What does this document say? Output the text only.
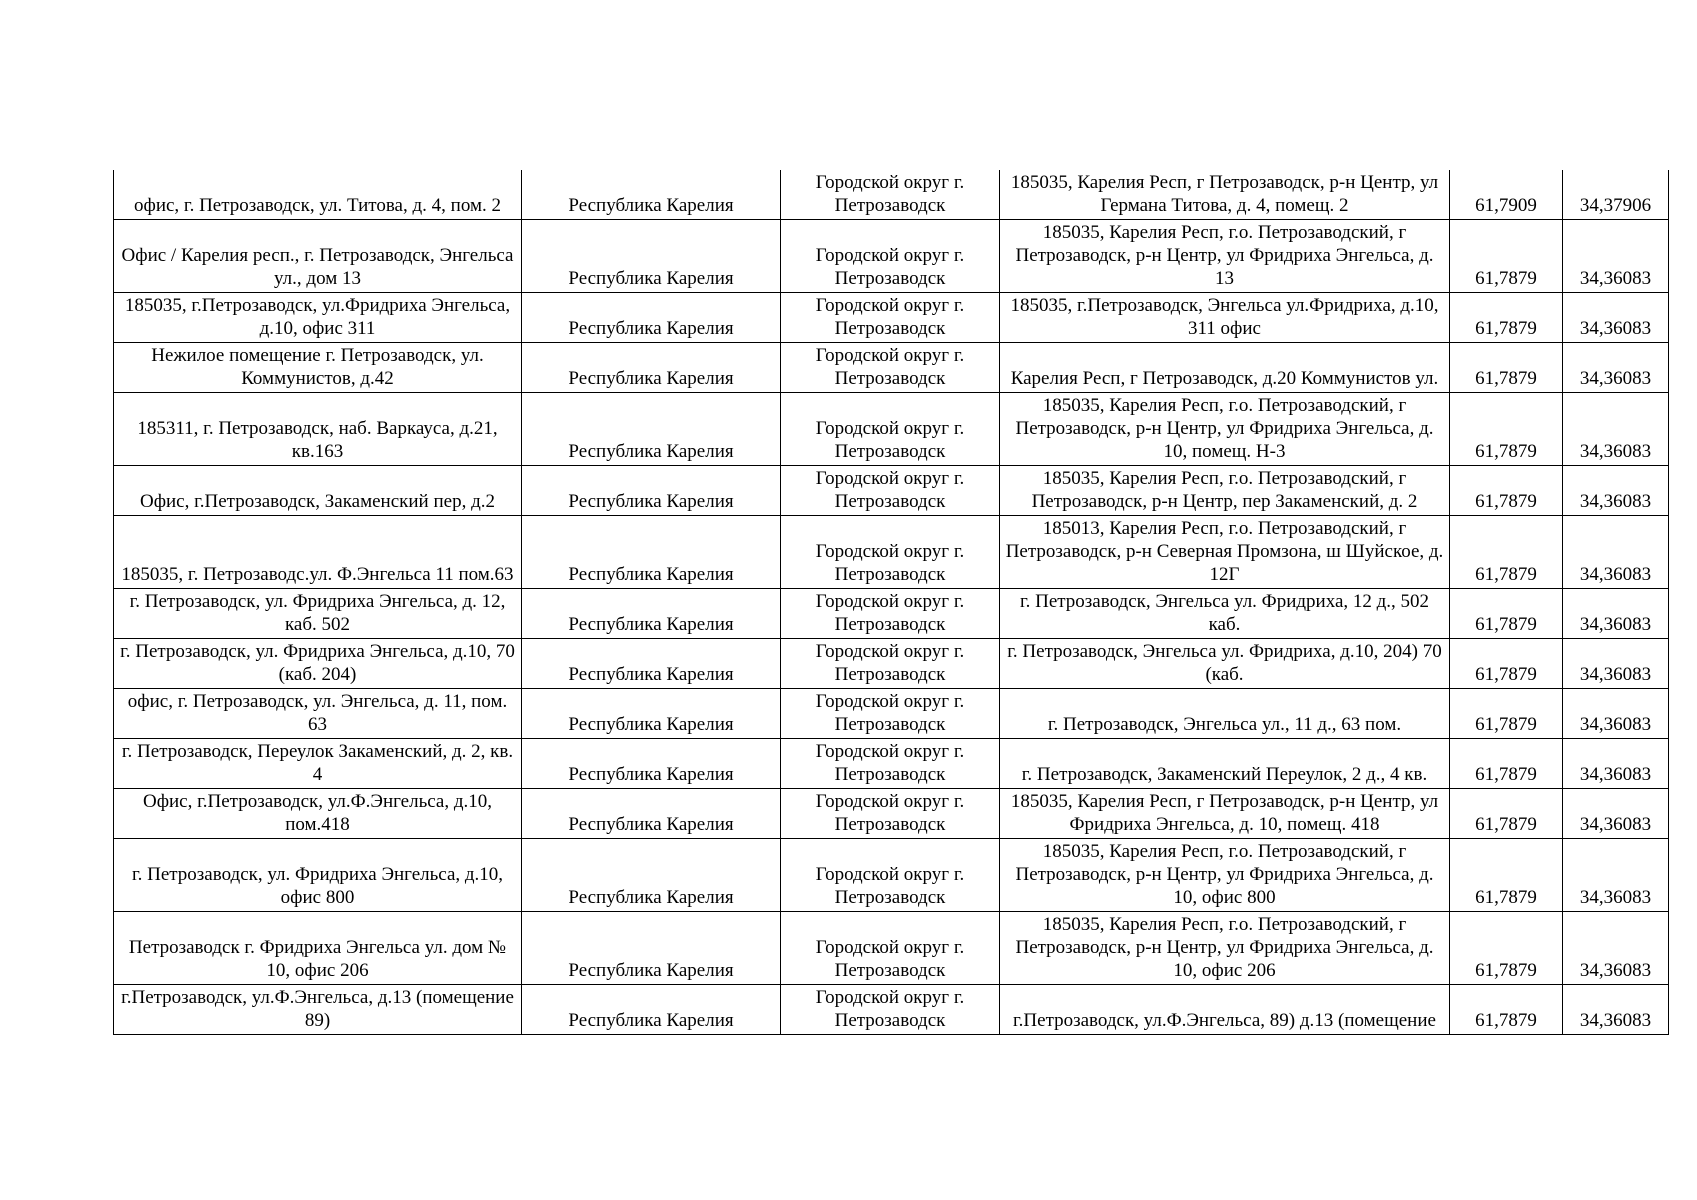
офис, г. Петрозаводск, ул. Титова, д. 4, пом. 2	Республика Карелия	Городской округ г. Петрозаводск	185035, Карелия Респ, г Петрозаводск, р-н Центр, ул Германа Титова, д. 4, помещ. 2	61,7909	34,37906
Офис / Карелия респ., г. Петрозаводск, Энгельса ул., дом 13	Республика Карелия	Городской округ г. Петрозаводск	185035, Карелия Респ, г.о. Петрозаводский, г Петрозаводск, р-н Центр, ул Фридриха Энгельса, д. 13	61,7879	34,36083
185035, г.Петрозаводск, ул.Фридриха Энгельса, д.10, офис 311	Республика Карелия	Городской округ г. Петрозаводск	185035, г.Петрозаводск, Энгельса ул.Фридриха, д.10, 311 офис	61,7879	34,36083
Нежилое помещение г. Петрозаводск, ул. Коммунистов, д.42	Республика Карелия	Городской округ г. Петрозаводск	Карелия Респ, г Петрозаводск, д.20 Коммунистов ул.	61,7879	34,36083
185311, г. Петрозаводск, наб. Варкауса, д.21, кв.163	Республика Карелия	Городской округ г. Петрозаводск	185035, Карелия Респ, г.о. Петрозаводский, г Петрозаводск, р-н Центр, ул Фридриха Энгельса, д. 10, помещ. Н-3	61,7879	34,36083
Офис, г.Петрозаводск, Закаменский пер, д.2	Республика Карелия	Городской округ г. Петрозаводск	185035, Карелия Респ, г.о. Петрозаводский, г Петрозаводск, р-н Центр, пер Закаменский, д. 2	61,7879	34,36083
185035, г. Петрозаводс.ул. Ф.Энгельса 11 пом.63	Республика Карелия	Городской округ г. Петрозаводск	185013, Карелия Респ, г.о. Петрозаводский, г Петрозаводск, р-н Северная Промзона, ш Шуйское, д. 12Г	61,7879	34,36083
г. Петрозаводск, ул. Фридриха Энгельса, д. 12, каб. 502	Республика Карелия	Городской округ г. Петрозаводск	г. Петрозаводск, Энгельса ул. Фридриха, 12 д., 502 каб.	61,7879	34,36083
г. Петрозаводск, ул. Фридриха Энгельса, д.10, 70 (каб. 204)	Республика Карелия	Городской округ г. Петрозаводск	г. Петрозаводск, Энгельса ул. Фридриха, д.10, 204) 70 (каб.	61,7879	34,36083
офис, г. Петрозаводск, ул. Энгельса, д. 11, пом. 63	Республика Карелия	Городской округ г. Петрозаводск	г. Петрозаводск, Энгельса ул., 11 д., 63 пом.	61,7879	34,36083
г. Петрозаводск, Переулок Закаменский, д. 2, кв. 4	Республика Карелия	Городской округ г. Петрозаводск	г. Петрозаводск, Закаменский Переулок, 2 д., 4 кв.	61,7879	34,36083
Офис, г.Петрозаводск, ул.Ф.Энгельса, д.10, пом.418	Республика Карелия	Городской округ г. Петрозаводск	185035, Карелия Респ, г Петрозаводск, р-н Центр, ул Фридриха Энгельса, д. 10, помещ. 418	61,7879	34,36083
г. Петрозаводск, ул. Фридриха Энгельса, д.10, офис 800	Республика Карелия	Городской округ г. Петрозаводск	185035, Карелия Респ, г.о. Петрозаводский, г Петрозаводск, р-н Центр, ул Фридриха Энгельса, д. 10, офис 800	61,7879	34,36083
Петрозаводск г. Фридриха Энгельса ул. дом № 10, офис 206	Республика Карелия	Городской округ г. Петрозаводск	185035, Карелия Респ, г.о. Петрозаводский, г Петрозаводск, р-н Центр, ул Фридриха Энгельса, д. 10, офис 206	61,7879	34,36083
г.Петрозаводск, ул.Ф.Энгельса, д.13 (помещение 89)	Республика Карелия	Городской округ г. Петрозаводск	г.Петрозаводск, ул.Ф.Энгельса, 89) д.13 (помещение	61,7879	34,36083
